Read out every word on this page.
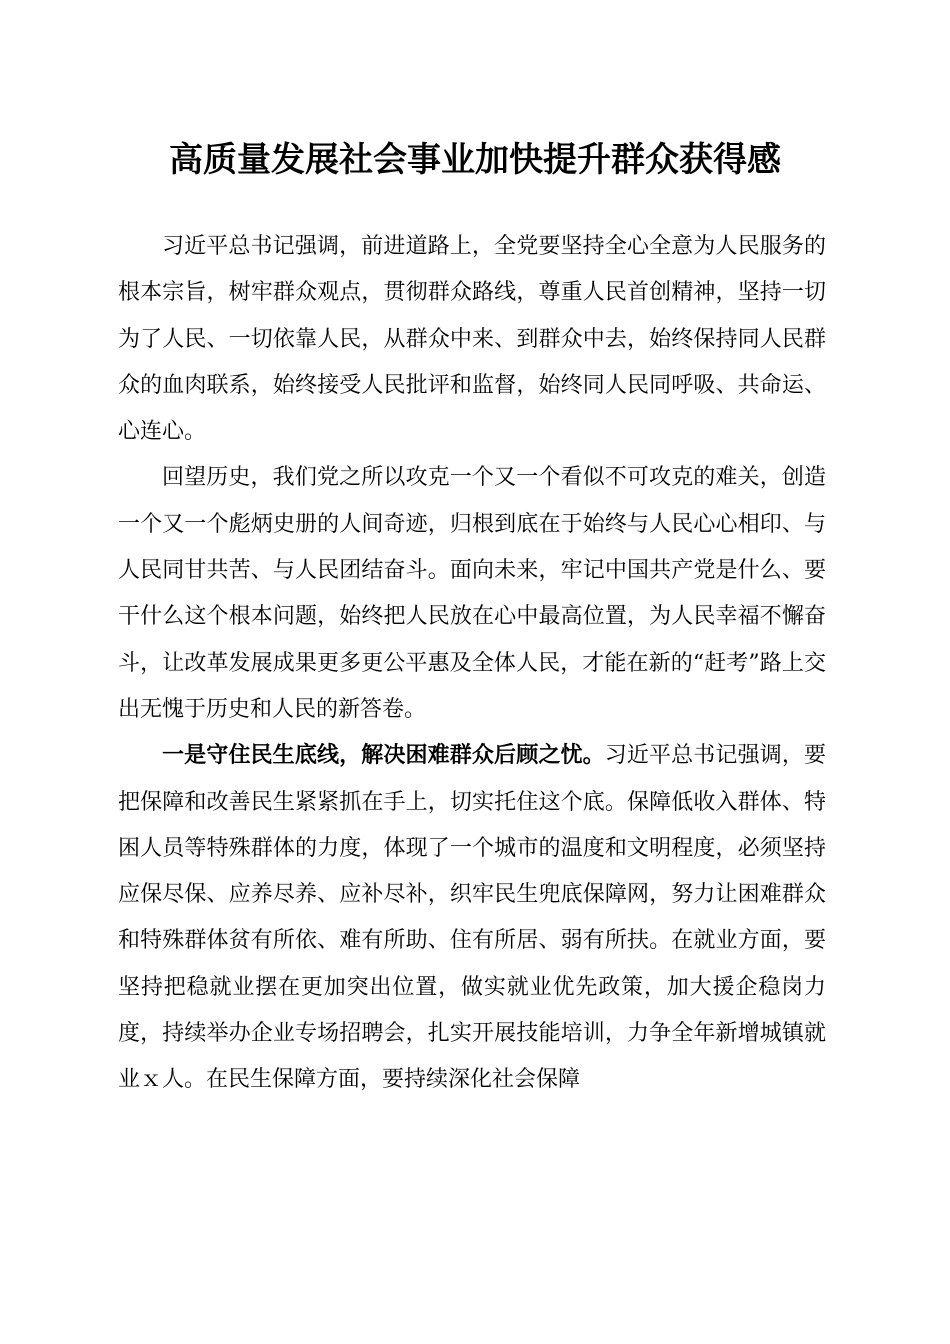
高质量发展社会事业加快提升群众获得感

习近平总书记强调，前进道路上，全党要坚持全心全意为人民服务的根本宗旨，树牢群众观点，贯彻群众路线，尊重人民首创精神，坚持一切为了人民、一切依靠人民，从群众中来、到群众中去，始终保持同人民群众的血肉联系，始终接受人民批评和监督，始终同人民同呼吸、共命运、心连心。

回望历史，我们党之所以攻克一个又一个看似不可攻克的难关，创造一个又一个彪炳史册的人间奇迹，归根到底在于始终与人民心心相印、与人民同甘共苦、与人民团结奋斗。面向未来，牢记中国共产党是什么、要干什么这个根本问题，始终把人民放在心中最高位置，为人民幸福不懈奋斗，让改革发展成果更多更公平惠及全体人民，才能在新的“赶考”路上交出无愧于历史和人民的新答卷。

一是守住民生底线，解决困难群众后顾之忧。习近平总书记强调，要把保障和改善民生紧紧抓在手上，切实托住这个底。保障低收入群体、特困人员等特殊群体的力度，体现了一个城市的温度和文明程度，必须坚持应保尽保、应养尽养、应补尽补，织牢民生兜底保障网，努力让困难群众和特殊群体贫有所依、难有所助、住有所居、弱有所扶。在就业方面，要坚持把稳就业摆在更加突出位置，做实就业优先政策，加大援企稳岗力度，持续举办企业专场招聘会，扎实开展技能培训，力争全年新增城镇就业ｘ人。在民生保障方面，要持续深化社会保障
